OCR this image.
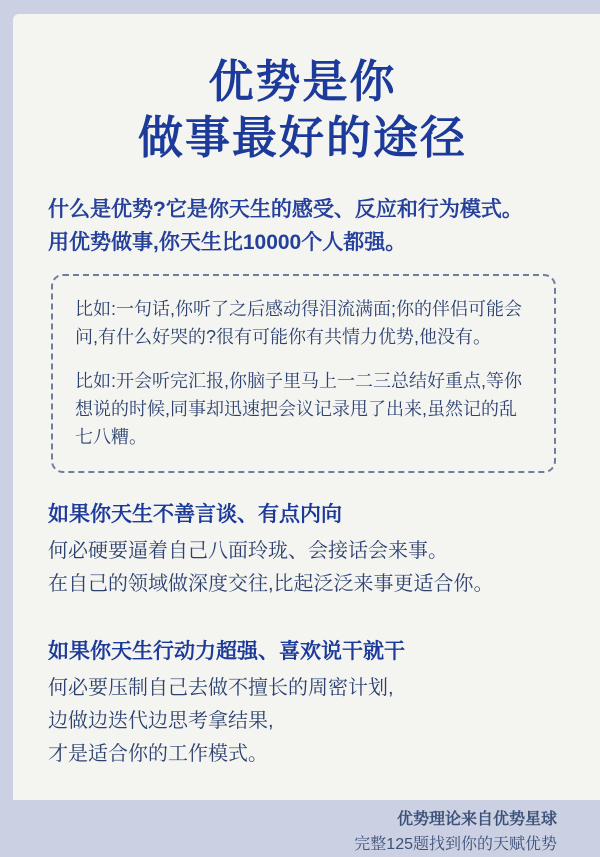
优势是你
做事最好的途径
什么是优势?它是你天生的感受、反应和行为模式。
用优势做事,你天生比10000个人都强。

比如:一句话,你听了之后感动得泪流满面;你的伴侣可能会问,有什么好哭的?很有可能你有共情力优势,他没有。

比如:开会听完汇报,你脑子里马上一二三总结好重点,等你想说的时候,同事却迅速把会议记录甩了出来,虽然记的乱七八糟。

如果你天生不善言谈、有点内向
何必硬要逼着自己八面玲珑、会接话会来事。
在自己的领域做深度交往,比起泛泛来事更适合你。
如果你天生行动力超强、喜欢说干就干
何必要压制自己去做不擅长的周密计划,
边做边迭代边思考拿结果,
才是适合你的工作模式。
优势理论来自优势星球
完整125题找到你的天赋优势
